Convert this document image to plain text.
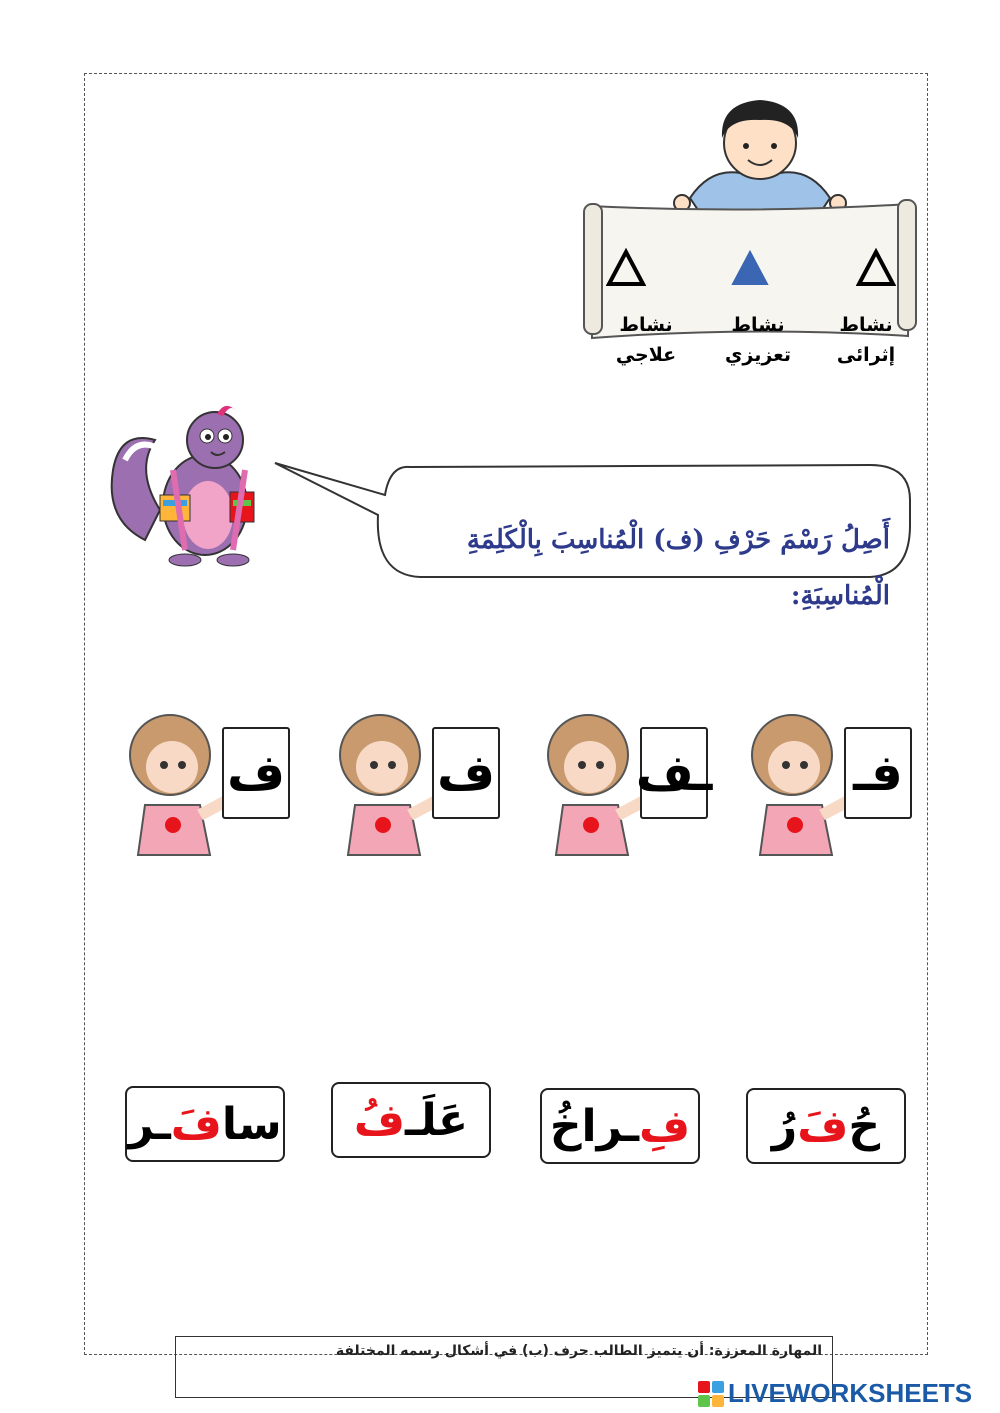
نشاط
إثرائى
نشاط
تعزيزي
نشاط
علاجي
أَصِلُ رَسْمَ حَرْفِ (ف) الْمُناسِبَ بِالْكَلِمَةِ الْمُناسِبَةِ:
فـ
ـف
ف
ف
حُ
فَ
رُ
فِ
ـراخُ
عَلَـ
فُ
سا
فَ
ـر
المهارة المعززة: أن يتميز الطالب حرف (ب) في أشكال رسمه المختلفة
LIVEWORKSHEETS
